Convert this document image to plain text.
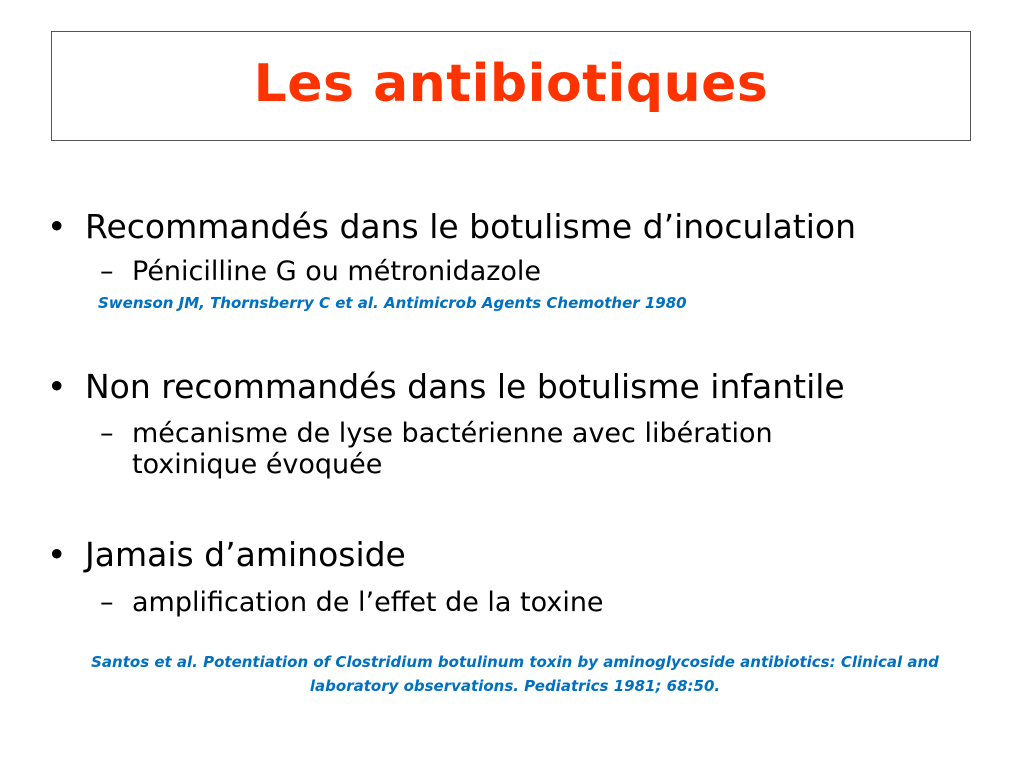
Les antibiotiques
• Recommandés dans le botulisme d’inoculation
– Pénicilline G ou métronidazole
Swenson JM, Thornsberry C et al. Antimicrob Agents Chemother 1980
• Non recommandés dans le botulisme infantile
– mécanisme de lyse bactérienne avec libération
toxinique évoquée
• Jamais d’aminoside
– amplification de l’effet de la toxine
Santos et al. Potentiation of Clostridium botulinum toxin by aminoglycoside antibiotics: Clinical and
laboratory observations. Pediatrics 1981; 68:50.
